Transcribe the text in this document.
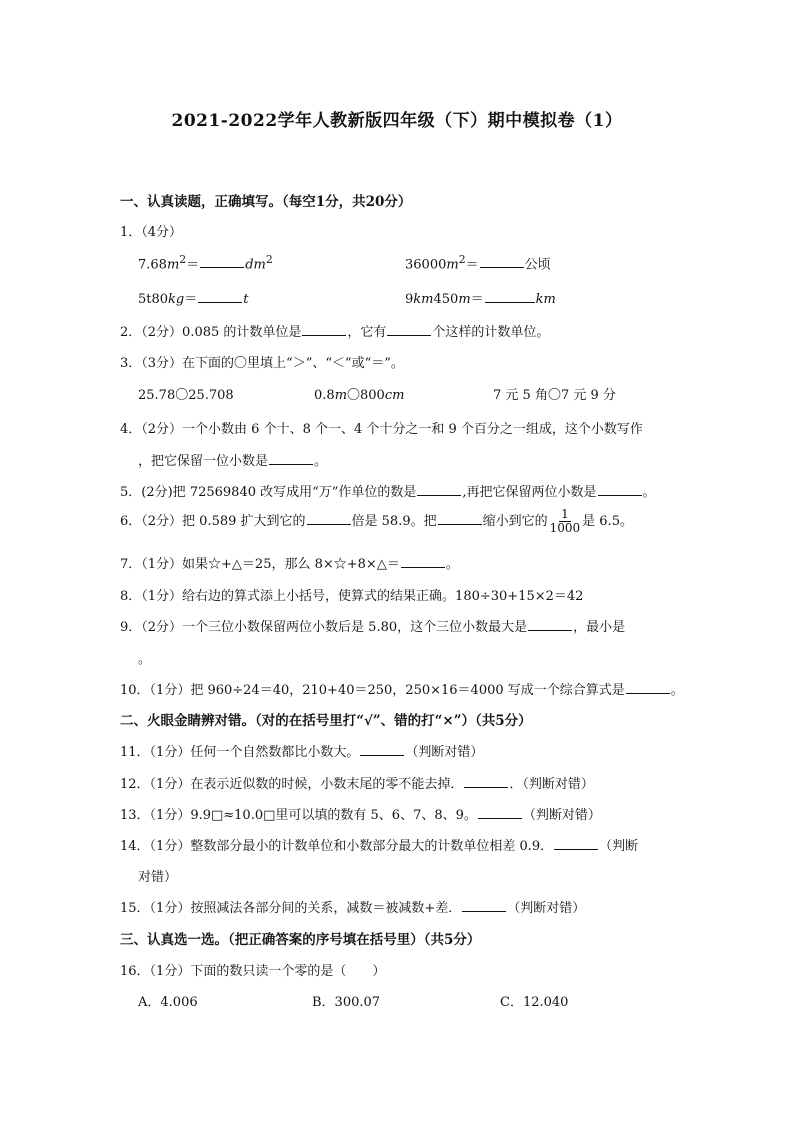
2021-2022学年人教新版四年级（下）期中模拟卷（1）
一、认真读题，正确填写。（每空1分，共20分）
1．（4分）
$7.68m^2=$	$dm^2$	$36000m^2=$	公顷
5t80kg＝	t	9km450m＝	km
2．（2分）0.085 的计数单位是	，它有	个这样的计数单位。
3．（3分）在下面的〇里填上“＞”、“＜”或“＝”。
25.78〇25.708	0.8m〇800cm	7 元 5 角〇7 元 9 分
4．（2分）一个小数由 6 个十、8 个一、4 个十分之一和 9 个百分之一组成，这个小数写作
，把它保留一位小数是	。
5．(2分)把 72569840 改写成用“万”作单位的数是	,再把它保留两位小数是	。
6．（2分）把 0.589 扩大到它的	倍是 58.9。把	缩小到它的 $\frac{1}{1000}$ 是 6.5。
7．（1分）如果☆+△＝25，那么 8×☆+8×△＝	。
8．（1分）给右边的算式添上小括号，使算式的结果正确。180÷30+15×2＝42
9．（2分）一个三位小数保留两位小数后是 5.80，这个三位小数最大是	，最小是
。
10．（1分）把 960÷24＝40，210+40＝250，250×16＝4000 写成一个综合算式是	。
二、火眼金睛辨对错。（对的在括号里打“√”、错的打“×”）（共5分）
11．（1分）任何一个自然数都比小数大。	（判断对错）
12．（1分）在表示近似数的时候，小数末尾的零不能去掉．	．（判断对错）
13．（1分）9.9□≈10.0□里可以填的数有 5、6、7、8、9。	（判断对错）
14．（1分）整数部分最小的计数单位和小数部分最大的计数单位相差 0.9．	（判断
对错）
15．（1分）按照减法各部分间的关系，减数＝被减数+差．	（判断对错）
三、认真选一选。（把正确答案的序号填在括号里）（共5分）
16．（1分）下面的数只读一个零的是（　　）
A．4.006	B．300.07	C．12.040
